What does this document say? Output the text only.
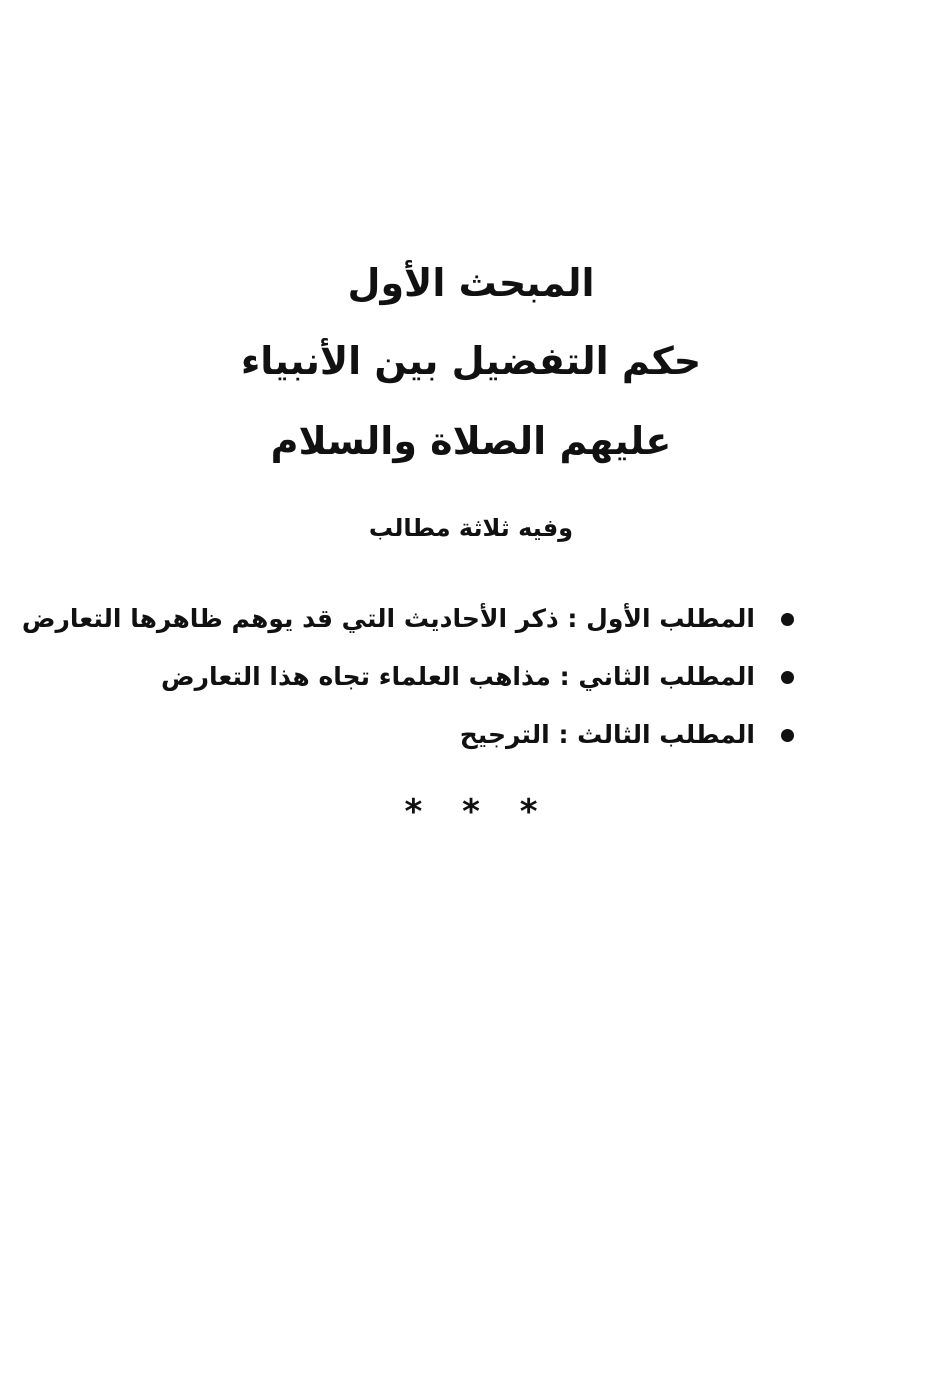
المبحث الأول
حكم التفضيل بين الأنبياء
عليهم الصلاة والسلام
وفيه ثلاثة مطالب
المطلب الأول
:
ذكر الأحاديث التي قد يوهم ظاهرها التعارض
المطلب الثاني
:
مذاهب العلماء تجاه هذا التعارض
المطلب الثالث
:
الترجيح
* * *
